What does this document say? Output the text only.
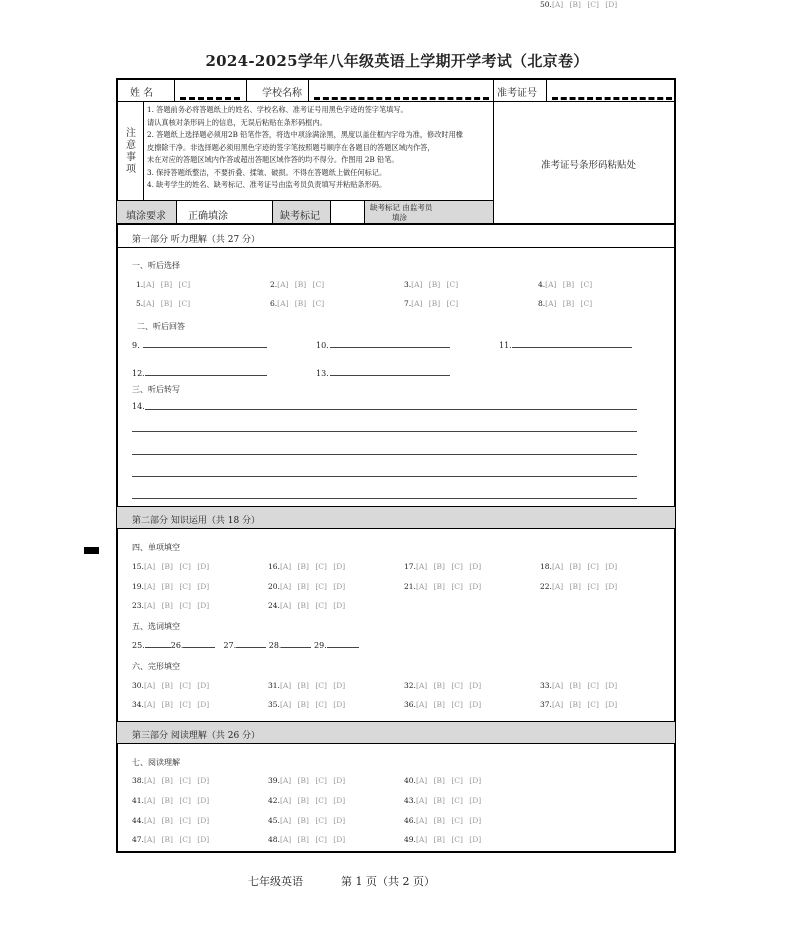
2024-2025学年八年级英语上学期开学考试（北京卷）
姓 名	学校名称	准考证号
注
意
事
项
1. 答题前务必将答题纸上的姓名、学校名称、准考证号用黑色字迹的签字笔填写。
请认真核对条形码上的信息，无误后粘贴在条形码框内。
2. 答题纸上选择题必须用2B 铅笔作答，将选中项涂满涂黑，黑度以盖住框内字母为准，修改时用橡
皮擦除干净。非选择题必须用黑色字迹的签字笔按照题号顺序在各题目的答题区域内作答，
未在对应的答题区域内作答或超出答题区域作答的均不得分。作图用 2B 铅笔。
3. 保持答题纸整洁，不要折叠、揉皱、破损。不得在答题纸上做任何标记。
4. 缺考学生的姓名、缺考标记、准考证号由监考员负责填写并粘贴条形码。
准考证号条形码粘贴处
填涂要求 正确填涂	缺考标记
缺考标记 由监考员
填涂
第一部分 听力理解（共 27 分）
一、听后选择
1.[A] [B] [C]	2.[A] [B] [C]	3.[A] [B] [C]	4.[A] [B] [C]
5.[A] [B] [C]	6.[A] [B] [C]	7.[A] [B] [C]	8.[A] [B] [C]
二、听后回答
9.	10.	11.
12.	13.
三、听后转写
14.
第二部分 知识运用（共 18 分）
四、单项填空
15.[A] [B] [C] [D]	16.[A] [B] [C] [D]	17.[A] [B] [C] [D]	18.[A] [B] [C] [D]
19.[A] [B] [C] [D]	20.[A] [B] [C] [D]	21.[A] [B] [C] [D]	22.[A] [B] [C] [D]
23.[A] [B] [C] [D]	24.[A] [B] [C] [D]
五、选词填空
25.	26.	27.	28.	29.
六、完形填空
30.[A] [B] [C] [D]	31.[A] [B] [C] [D]	32.[A] [B] [C] [D]	33.[A] [B] [C] [D]
34.[A] [B] [C] [D]	35.[A] [B] [C] [D]	36.[A] [B] [C] [D]	37.[A] [B] [C] [D]
第三部分 阅读理解（共 26 分）
七、阅读理解
38.[A] [B] [C] [D]	39.[A] [B] [C] [D]	40.[A] [B] [C] [D]
41.[A] [B] [C] [D]	42.[A] [B] [C] [D]	43.[A] [B] [C] [D]
44.[A] [B] [C] [D]	45.[A] [B] [C] [D]	46.[A] [B] [C] [D]
47.[A] [B] [C] [D]	48.[A] [B] [C] [D]	49.[A] [B] [C] [D]
50.[A] [B] [C] [D]
七年级英语	第 1 页（共 2 页）
